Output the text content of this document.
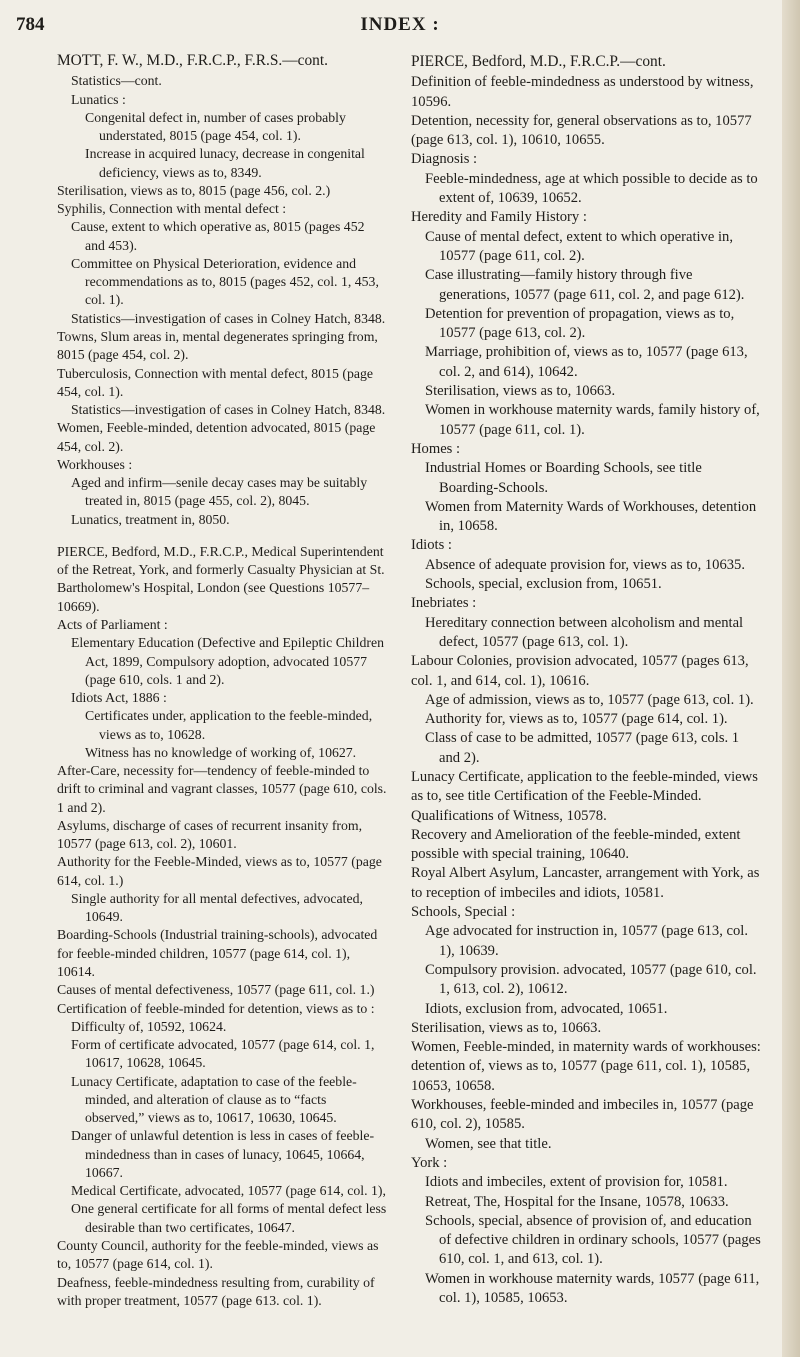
784	INDEX :
MOTT, F. W., M.D., F.R.C.P., F.R.S.—cont.
Statistics—cont.
Lunatics :
Congenital defect in, number of cases probably understated, 8015 (page 454, col. 1).
Increase in acquired lunacy, decrease in congenital deficiency, views as to, 8349.
Sterilisation, views as to, 8015 (page 456, col. 2.)
Syphilis, Connection with mental defect :
Cause, extent to which operative as, 8015 (pages 452 and 453).
Committee on Physical Deterioration, evidence and recommendations as to, 8015 (pages 452, col. 1, 453, col. 1).
Statistics—investigation of cases in Colney Hatch, 8348.
Towns, Slum areas in, mental degenerates springing from, 8015 (page 454, col. 2).
Tuberculosis, Connection with mental defect, 8015 (page 454, col. 1).
Statistics—investigation of cases in Colney Hatch, 8348.
Women, Feeble-minded, detention advocated, 8015 (page 454, col. 2).
Workhouses :
Aged and infirm—senile decay cases may be suitably treated in, 8015 (page 455, col. 2), 8045.
Lunatics, treatment in, 8050.
PIERCE, Bedford, M.D., F.R.C.P., Medical Superintendent of the Retreat, York, and formerly Casualty Physician at St. Bartholomew's Hospital, London (see Questions 10577–10669).
Acts of Parliament :
Elementary Education (Defective and Epileptic Children Act, 1899, Compulsory adoption, advocated 10577 (page 610, cols. 1 and 2).
Idiots Act, 1886 :
Certificates under, application to the feeble-minded, views as to, 10628.
Witness has no knowledge of working of, 10627.
After-Care, necessity for—tendency of feeble-minded to drift to criminal and vagrant classes, 10577 (page 610, cols. 1 and 2).
Asylums, discharge of cases of recurrent insanity from, 10577 (page 613, col. 2), 10601.
Authority for the Feeble-Minded, views as to, 10577 (page 614, col. 1.)
Single authority for all mental defectives, advocated, 10649.
Boarding-Schools (Industrial training-schools), advocated for feeble-minded children, 10577 (page 614, col. 1), 10614.
Causes of mental defectiveness, 10577 (page 611, col. 1.)
Certification of feeble-minded for detention, views as to :
Difficulty of, 10592, 10624.
Form of certificate advocated, 10577 (page 614, col. 1, 10617, 10628, 10645.
Lunacy Certificate, adaptation to case of the feeble-minded, and alteration of clause as to “facts observed,” views as to, 10617, 10630, 10645.
Danger of unlawful detention is less in cases of feeble-mindedness than in cases of lunacy, 10645, 10664, 10667.
Medical Certificate, advocated, 10577 (page 614, col. 1),
One general certificate for all forms of mental defect less desirable than two certificates, 10647.
County Council, authority for the feeble-minded, views as to, 10577 (page 614, col. 1).
Deafness, feeble-mindedness resulting from, curability of with proper treatment, 10577 (page 613. col. 1).
PIERCE, Bedford, M.D., F.R.C.P.—cont.
Definition of feeble-mindedness as understood by witness, 10596.
Detention, necessity for, general observations as to, 10577 (page 613, col. 1), 10610, 10655.
Diagnosis :
Feeble-mindedness, age at which possible to decide as to extent of, 10639, 10652.
Heredity and Family History :
Cause of mental defect, extent to which operative in, 10577 (page 611, col. 2).
Case illustrating—family history through five generations, 10577 (page 611, col. 2, and page 612).
Detention for prevention of propagation, views as to, 10577 (page 613, col. 2).
Marriage, prohibition of, views as to, 10577 (page 613, col. 2, and 614), 10642.
Sterilisation, views as to, 10663.
Women in workhouse maternity wards, family history of, 10577 (page 611, col. 1).
Homes :
Industrial Homes or Boarding Schools, see title Boarding-Schools.
Women from Maternity Wards of Workhouses, detention in, 10658.
Idiots :
Absence of adequate provision for, views as to, 10635.
Schools, special, exclusion from, 10651.
Inebriates :
Hereditary connection between alcoholism and mental defect, 10577 (page 613, col. 1).
Labour Colonies, provision advocated, 10577 (pages 613, col. 1, and 614, col. 1), 10616.
Age of admission, views as to, 10577 (page 613, col. 1).
Authority for, views as to, 10577 (page 614, col. 1).
Class of case to be admitted, 10577 (page 613, cols. 1 and 2).
Lunacy Certificate, application to the feeble-minded, views as to, see title Certification of the Feeble-Minded.
Qualifications of Witness, 10578.
Recovery and Amelioration of the feeble-minded, extent possible with special training, 10640.
Royal Albert Asylum, Lancaster, arrangement with York, as to reception of imbeciles and idiots, 10581.
Schools, Special :
Age advocated for instruction in, 10577 (page 613, col. 1), 10639.
Compulsory provision. advocated, 10577 (page 610, col. 1, 613, col. 2), 10612.
Idiots, exclusion from, advocated, 10651.
Sterilisation, views as to, 10663.
Women, Feeble-minded, in maternity wards of workhouses: detention of, views as to, 10577 (page 611, col. 1), 10585, 10653, 10658.
Workhouses, feeble-minded and imbeciles in, 10577 (page 610, col. 2), 10585.
Women, see that title.
York :
Idiots and imbeciles, extent of provision for, 10581.
Retreat, The, Hospital for the Insane, 10578, 10633.
Schools, special, absence of provision of, and education of defective children in ordinary schools, 10577 (pages 610, col. 1, and 613, col. 1).
Women in workhouse maternity wards, 10577 (page 611, col. 1), 10585, 10653.
